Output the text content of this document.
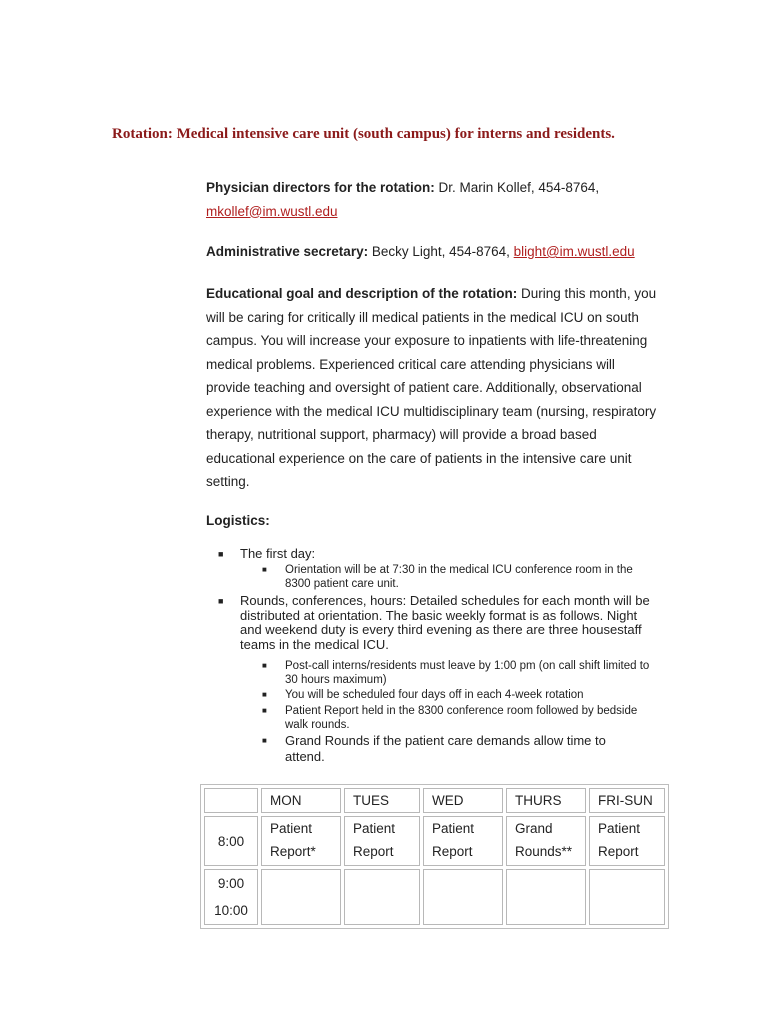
Rotation: Medical intensive care unit (south campus) for interns and residents.
Physician directors for the rotation: Dr. Marin Kollef, 454-8764,
mkollef@im.wustl.edu
Administrative secretary: Becky Light, 454-8764, blight@im.wustl.edu
Educational goal and description of the rotation: During this month, you will be caring for critically ill medical patients in the medical ICU on south campus. You will increase your exposure to inpatients with life-threatening medical problems. Experienced critical care attending physicians will provide teaching and oversight of patient care. Additionally, observational experience with the medical ICU multidisciplinary team (nursing, respiratory therapy, nutritional support, pharmacy) will provide a broad based educational experience on the care of patients in the intensive care unit setting.
Logistics:
■ The first day:
■ Orientation will be at 7:30 in the medical ICU conference room in the 8300 patient care unit.
■ Rounds, conferences, hours: Detailed schedules for each month will be distributed at orientation. The basic weekly format is as follows. Night and weekend duty is every third evening as there are three housestaff teams in the medical ICU.
■ Post-call interns/residents must leave by 1:00 pm (on call shift limited to 30 hours maximum)
■ You will be scheduled four days off in each 4-week rotation
■ Patient Report held in the 8300 conference room followed by bedside walk rounds.
■ Grand Rounds if the patient care demands allow time to attend.
	MON	TUES	WED	THURS	FRI-SUN
8:00	Patient Report*	Patient Report	Patient Report	Grand Rounds**	Patient Report
9:00
10:00					
